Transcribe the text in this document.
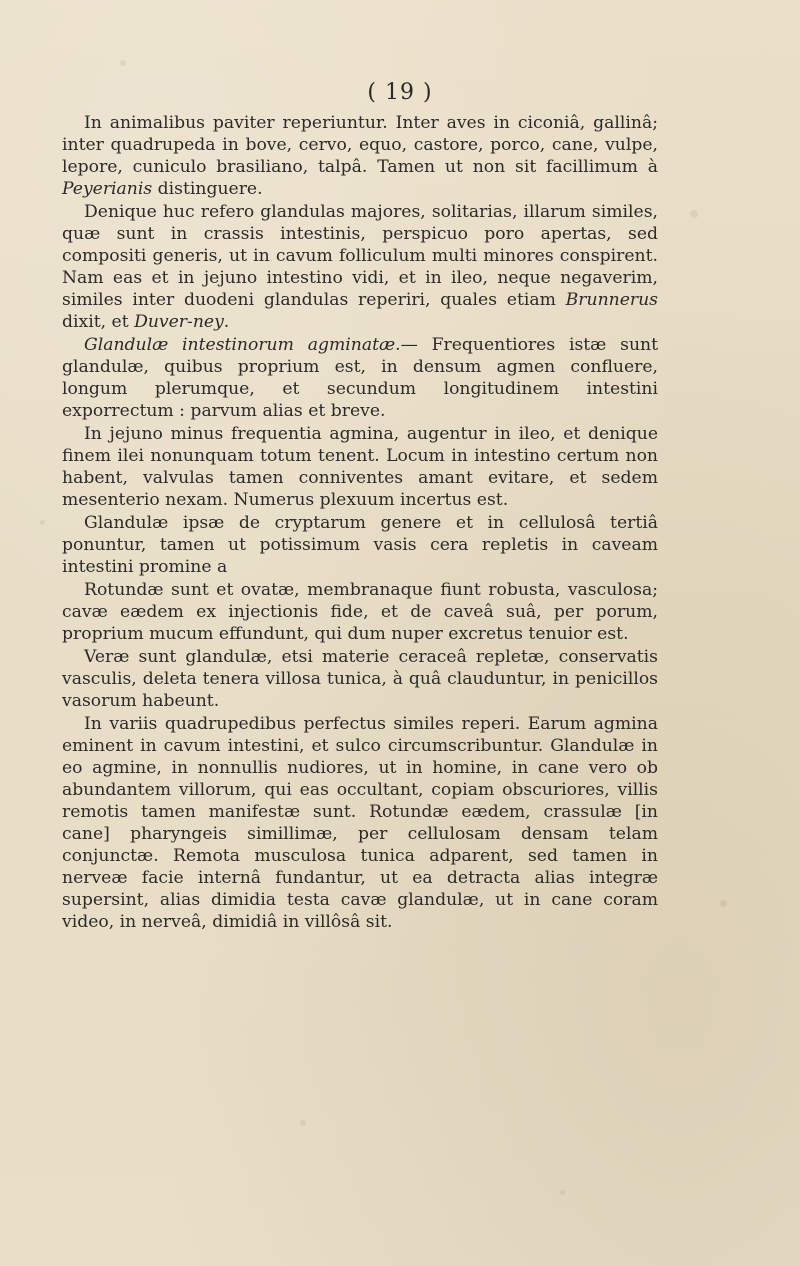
( 19 )

In animalibus paviter reperiuntur. Inter aves in ciconiâ, gallinâ; inter quadrupeda in bove, cervo, equo, castore, porco, cane, vulpe, lepore, cuniculo brasiliano, talpâ. Tamen ut non sit facillimum à Peyerianis distinguere.

Denique huc refero glandulas majores, solitarias, illarum similes, quæ sunt in crassis intestinis, perspicuo poro apertas, sed compositi generis, ut in cavum folliculum multi minores conspirent. Nam eas et in jejuno intestino vidi, et in ileo, neque negaverim, similes inter duodeni glandulas reperiri, quales etiam Brunnerus dixit, et Duver-ney.

Glandulæ intestinorum agminatæ.— Frequentiores istæ sunt glandulæ, quibus proprium est, in densum agmen confluere, longum plerumque, et secundum longitudinem intestini exporrectum : parvum alias et breve.

In jejuno minus frequentia agmina, augentur in ileo, et denique finem ilei nonunquam totum tenent. Locum in intestino certum non habent, valvulas tamen conniventes amant evitare, et sedem mesenterio nexam. Numerus plexuum incertus est.

Glandulæ ipsæ de cryptarum genere et in cellulosâ tertiâ ponuntur, tamen ut potissimum vasis cera repletis in caveam intestini promine a

Rotundæ sunt et ovatæ, membranaque fiunt robusta, vasculosa; cavæ eædem ex injectionis fide, et de caveâ suâ, per porum, proprium mucum effundunt, qui dum nuper excretus tenuior est.

Veræ sunt glandulæ, etsi materie ceraceâ repletæ, conservatis vasculis, deleta tenera villosa tunica, à quâ clauduntur, in penicillos vasorum habeunt.

In variis quadrupedibus perfectus similes reperi. Earum agmina eminent in cavum intestini, et sulco circumscribuntur. Glandulæ in eo agmine, in nonnullis nudiores, ut in homine, in cane vero ob abundantem villorum, qui eas occultant, copiam obscuriores, villis remotis tamen manifestæ sunt. Rotundæ eædem, crassulæ [in cane] pharyngeis simillimæ, per cellulosam densam telam conjunctæ. Remota musculosa tunica adparent, sed tamen in nerveæ facie internâ fundantur, ut ea detracta alias integræ supersint, alias dimidia testa cavæ glandulæ, ut in cane coram video, in nerveâ, dimidiâ in villôsâ sit.
